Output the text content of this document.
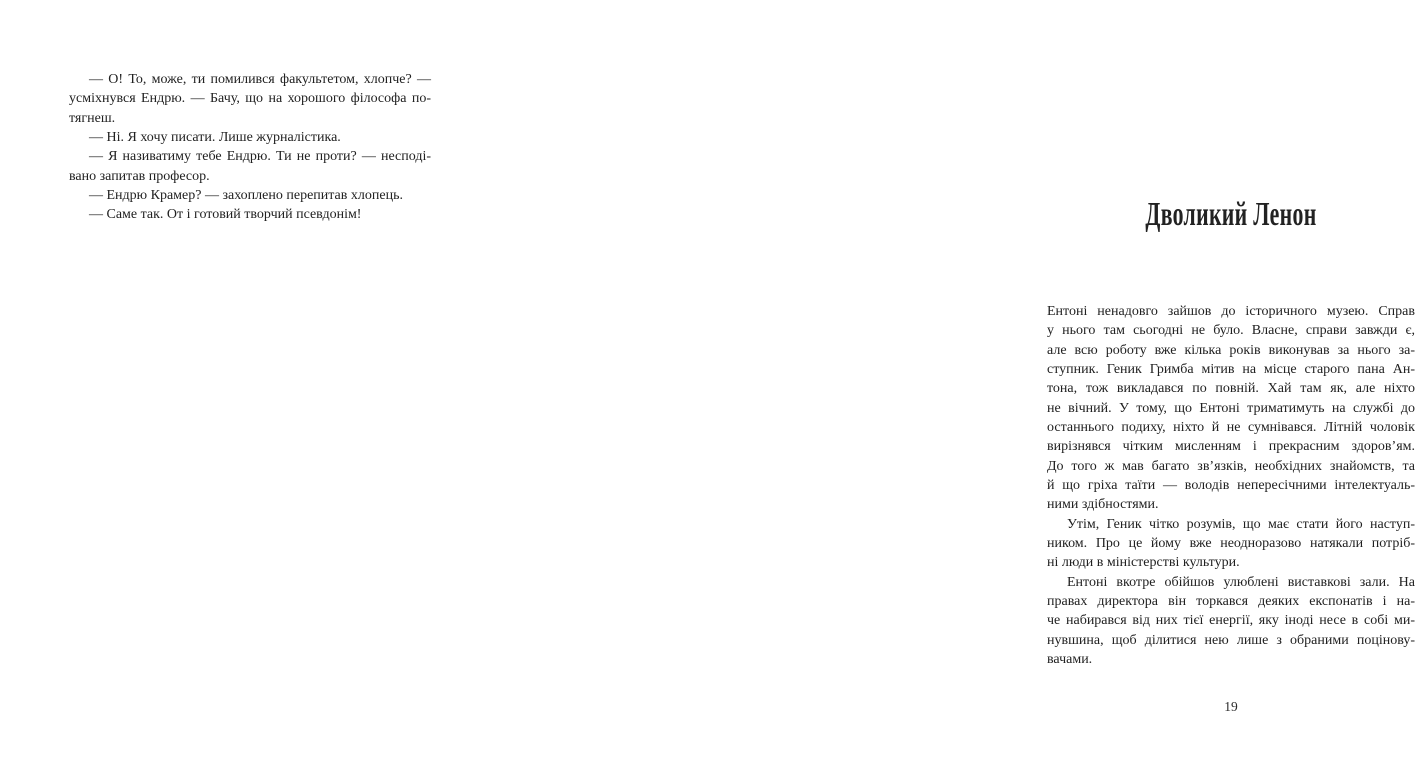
— О! То, може, ти помилився факультетом, хлопче? —
усміхнувся Ендрю. — Бачу, що на хорошого філософа по-
тягнеш.
— Ні. Я хочу писати. Лише журналістика.
— Я називатиму тебе Ендрю. Ти не проти? — несподі-
вано запитав професор.
— Ендрю Крамер? — захоплено перепитав хлопець.
— Саме так. От і готовий творчий псевдонім!	Дволикий Ленон
Ентоні ненадовго зайшов до історичного музею. Справ
у нього там сьогодні не було. Власне, справи завжди є,
але всю роботу вже кілька років виконував за нього за-
ступник. Геник Гримба мітив на місце старого пана Ан-
тона, тож викладався по повній. Хай там як, але ніхто
не вічний. У тому, що Ентоні триматимуть на службі до
останнього подиху, ніхто й не сумнівався. Літній чоловік
вирізнявся чітким мисленням і прекрасним здоров’ям.
До того ж мав багато зв’язків, необхідних знайомств, та
й що гріха таїти — володів непересічними інтелектуаль-
ними здібностями.
Утім, Геник чітко розумів, що має стати його наступ-
ником. Про це йому вже неодноразово натякали потріб-
ні люди в міністерстві культури.
Ентоні вкотре обійшов улюблені виставкові зали. На
правах директора він торкався деяких експонатів і на-
че набирався від них тієї енергії, яку іноді несе в собі ми-
нувшина, щоб ділитися нею лише з обраними поцінову-
вачами.
19
